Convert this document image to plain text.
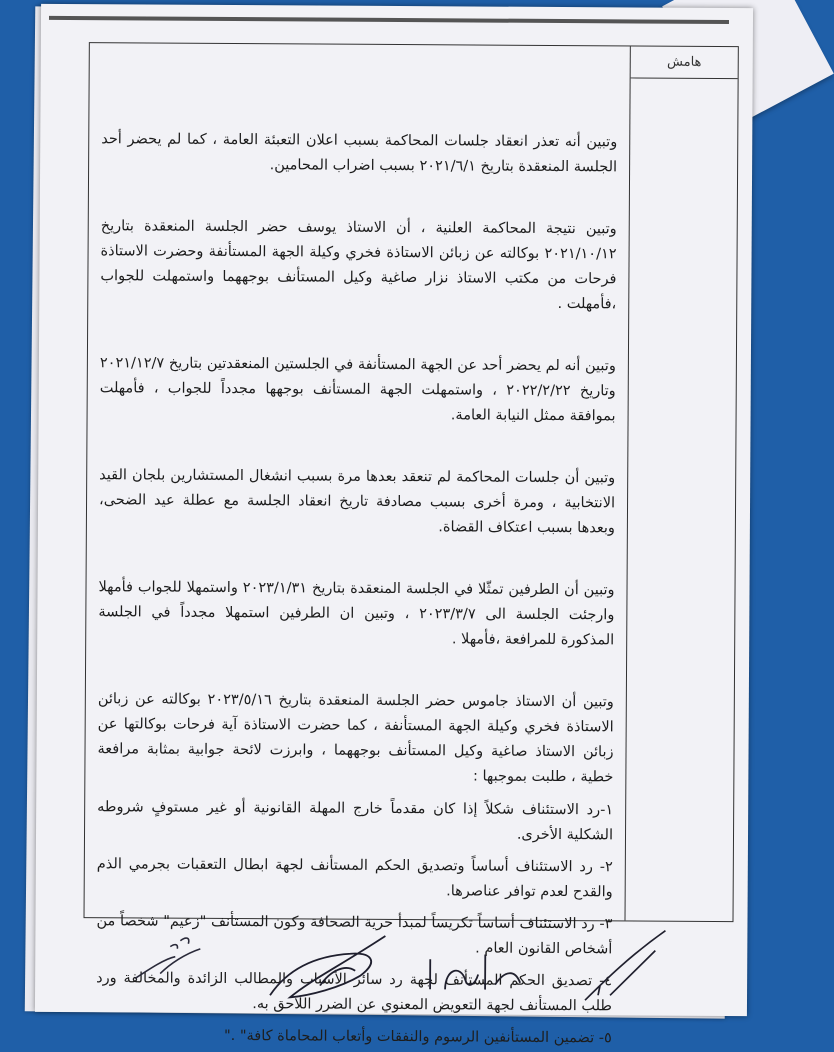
وتبين أنه تعذر انعقاد جلسات المحاكمة بسبب اعلان التعبئة العامة ، كما لم يحضر أحد الجلسة المنعقدة بتاريخ ٢٠٢١/٦/١ بسبب اضراب المحامين.

وتبين نتيجة المحاكمة العلنية ، أن الاستاذ يوسف حضر الجلسة المنعقدة بتاريخ ٢٠٢١/١٠/١٢ بوكالته عن زبائن الاستاذة فخري وكيلة الجهة المستأنفة وحضرت الاستاذة فرحات من مكتب الاستاذ نزار صاغية وكيل المستأنف بوجههما واستمهلت للجواب ،فأمهلت .

وتبين أنه لم يحضر أحد عن الجهة المستأنفة في الجلستين المنعقدتين بتاريخ ٢٠٢١/١٢/٧ وتاريخ ٢٠٢٢/٢/٢٢ ، واستمهلت الجهة المستأنف بوجهها مجدداً للجواب ، فأمهلت بموافقة ممثل النيابة العامة.

وتبين أن جلسات المحاكمة لم تنعقد بعدها مرة بسبب انشغال المستشارين بلجان القيد الانتخابية ، ومرة أخرى بسبب مصادفة تاريخ انعقاد الجلسة مع عطلة عيد الضحى، وبعدها بسبب اعتكاف القضاة.

وتبين أن الطرفين تمثّلا في الجلسة المنعقدة بتاريخ ٢٠٢٣/١/٣١ واستمهلا للجواب فأمهلا وارجئت الجلسة الى ٢٠٢٣/٣/٧ ، وتبين ان الطرفين استمهلا مجدداً في الجلسة المذكورة للمرافعة ،فأمهلا .

وتبين أن الاستاذ جاموس حضر الجلسة المنعقدة بتاريخ ٢٠٢٣/٥/١٦ بوكالته عن زبائن الاستاذة فخري وكيلة الجهة المستأنفة ، كما حضرت الاستاذة آية فرحات بوكالتها عن زبائن الاستاذ صاغية وكيل المستأنف بوجههما ، وابرزت لائحة جوابية بمثابة مرافعة خطية ، طلبت بموجبها :

١-رد الاستئناف شكلاً إذا كان مقدماً خارج المهلة القانونية أو غير مستوفٍ شروطه الشكلية الأخرى.

٢- رد الاستئناف أساساً وتصديق الحكم المستأنف لجهة ابطال التعقبات بجرمي الذم والقدح لعدم توافر عناصرها.

٣- رد الاستئناف أساساً تكريساً لمبدأ حرية الصحافة وكون المستأنف "زعيم" شخصاً من أشخاص القانون العام .

٤- تصديق الحكم المستأنف لجهة رد سائر الأسباب والمطالب الزائدة والمخالفة ورد طلب المستأنف لجهة التعويض المعنوي عن الضرر اللاحق به.

٥- تضمين المستأنفين الرسوم والنفقات وأتعاب المحاماة كافة" ."

هامش
